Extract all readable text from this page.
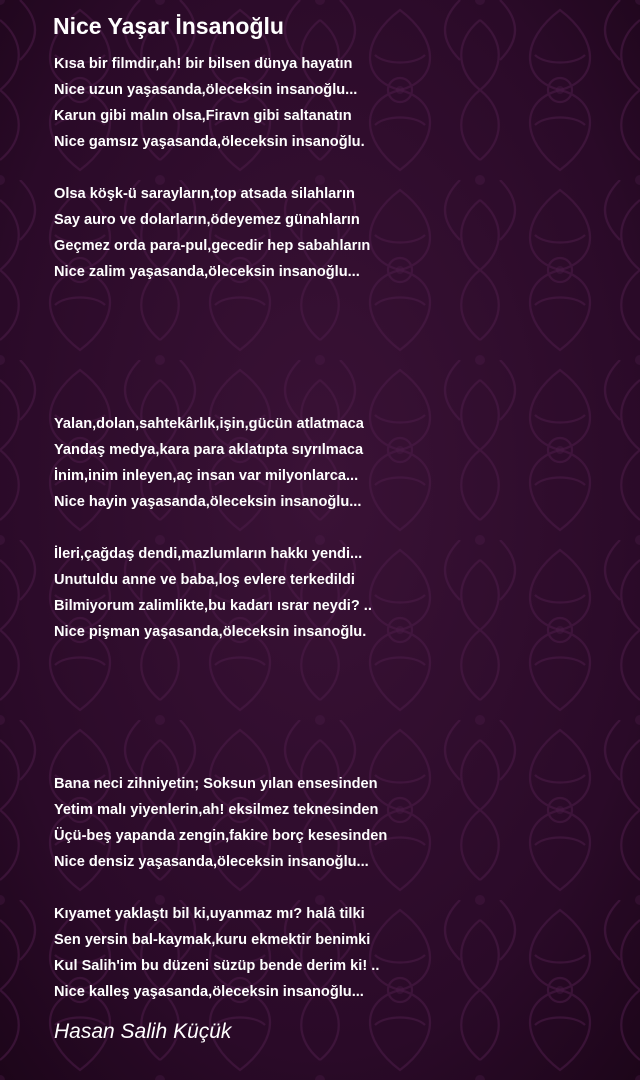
Nice Yaşar İnsanoğlu
Kısa bir filmdir,ah! bir bilsen dünya hayatın
Nice uzun yaşasanda,öleceksin insanoğlu...
Karun gibi malın olsa,Firavn gibi saltanatın
Nice gamsız yaşasanda,öleceksin insanoğlu.
Olsa köşk-ü sarayların,top atsada silahların
Say auro ve dolarların,ödeyemez günahların
Geçmez orda para-pul,gecedir hep sabahların
Nice zalim yaşasanda,öleceksin insanoğlu...
Yalan,dolan,sahtekârlık,işin,gücün atlatmaca
Yandaş medya,kara para aklatıpta sıyrılmaca
İnim,inim inleyen,aç insan var milyonlarca...
Nice hayin yaşasanda,öleceksin insanoğlu...
İleri,çağdaş dendi,mazlumların hakkı yendi...
Unutuldu anne ve baba,loş evlere terkedildi
Bilmiyorum zalimlikte,bu kadarı ısrar neydi? ..
Nice pişman yaşasanda,öleceksin insanoğlu.
Bana neci zihniyetin; Soksun yılan ensesinden
Yetim malı yiyenlerin,ah! eksilmez teknesinden
Üçü-beş yapanda zengin,fakire borç kesesinden
Nice densiz yaşasanda,öleceksin insanoğlu...
Kıyamet yaklaştı bil ki,uyanmaz mı? halâ tilki
Sen yersin bal-kaymak,kuru ekmektir benimki
Kul Salih'im bu düzeni süzüp bende derim ki! ..
Nice kalleş yaşasanda,öleceksin insanoğlu...

Hasan Salih Küçük
